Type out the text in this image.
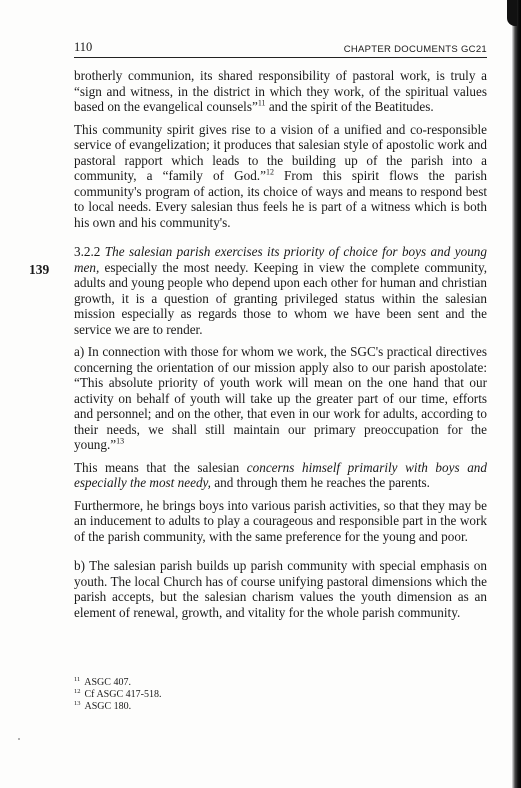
110	CHAPTER DOCUMENTS GC21
139

brotherly communion, its shared responsibility of pastoral work, is truly a “sign and witness, in the district in which they work, of the spiritual values based on the evangelical counsels”$^{11}$ and the spirit of the Beatitudes.

This community spirit gives rise to a vision of a unified and co-responsible service of evangelization; it produces that salesian style of apostolic work and pastoral rapport which leads to the building up of the parish into a community, a “family of God.”$^{12}$ From this spirit flows the parish community's program of action, its choice of ways and means to respond best to local needs. Every salesian thus feels he is part of a witness which is both his own and his community's.

3.2.2 The salesian parish exercises its priority of choice for boys and young men, especially the most needy. Keeping in view the complete community, adults and young people who depend upon each other for human and christian growth, it is a question of granting privileged status within the salesian mission especially as regards those to whom we have been sent and the service we are to render.

a) In connection with those for whom we work, the SGC's practical directives concerning the orientation of our mission apply also to our parish apostolate: “This absolute priority of youth work will mean on the one hand that our activity on behalf of youth will take up the greater part of our time, efforts and personnel; and on the other, that even in our work for adults, according to their needs, we shall still maintain our primary preoccupation for the young.”$^{13}$

This means that the salesian concerns himself primarily with boys and especially the most needy, and through them he reaches the parents.

Furthermore, he brings boys into various parish activities, so that they may be an inducement to adults to play a courageous and responsible part in the work of the parish community, with the same preference for the young and poor.

b) The salesian parish builds up parish community with special emphasis on youth. The local Church has of course unifying pastoral dimensions which the parish accepts, but the salesian charism values the youth dimension as an element of renewal, growth, and vitality for the whole parish community.

$^{11}$ ASGC 407.
$^{12}$ Cf ASGC 417-518.
$^{13}$ ASGC 180.
